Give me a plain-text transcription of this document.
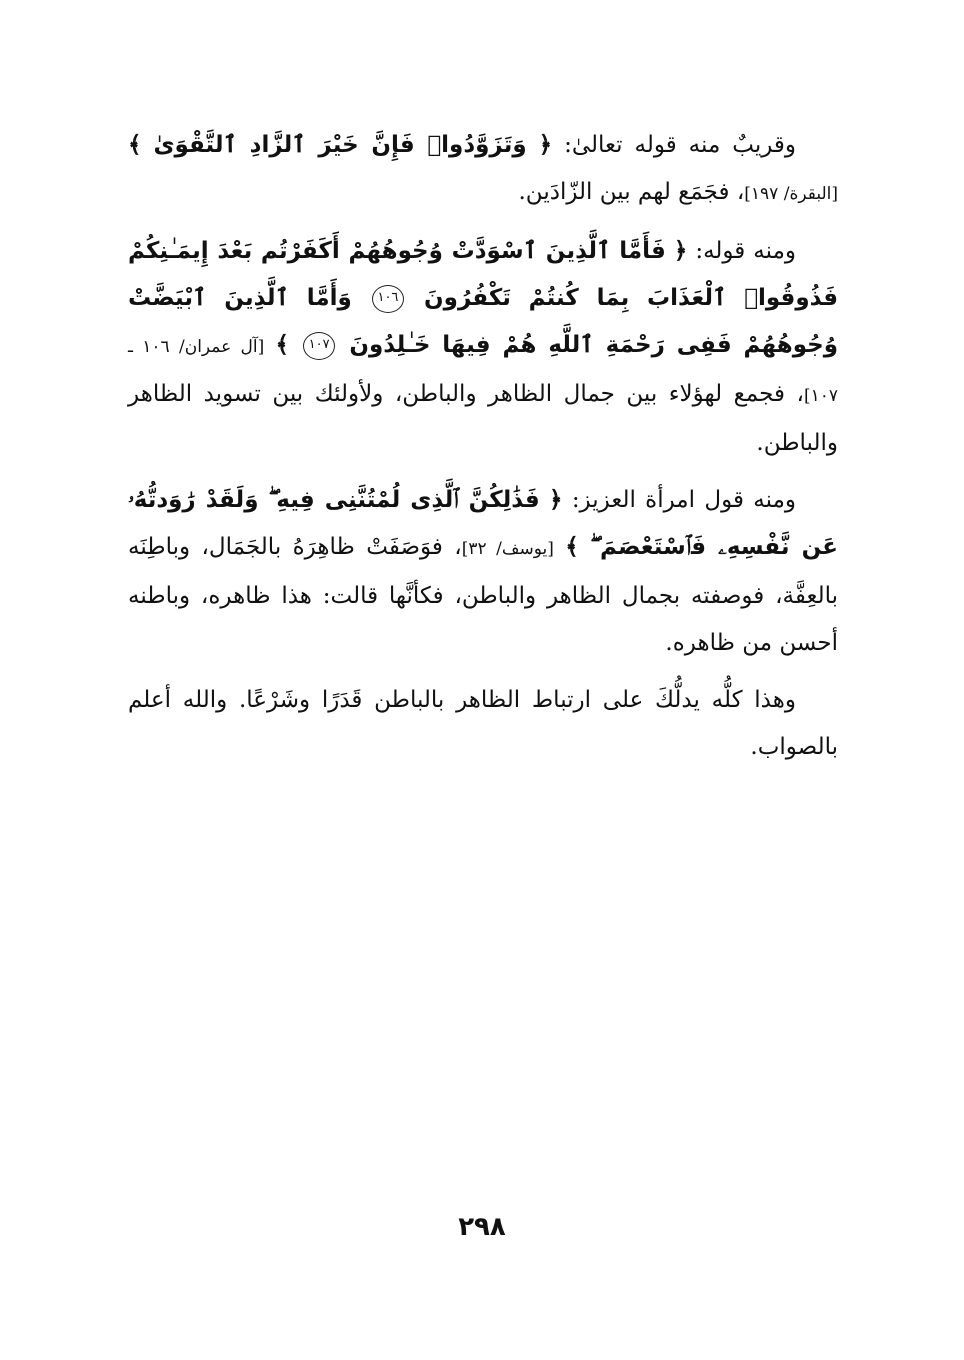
وقريبٌ منه قوله تعالىٰ: ﴿ وَتَزَوَّدُوا۟ فَإِنَّ خَيْرَ ٱلزَّادِ ٱلتَّقْوَىٰ ﴾ [البقرة/ ١٩٧]، فجَمَع لهم بين الزّادَين.

ومنه قوله: ﴿ فَأَمَّا ٱلَّذِينَ ٱسْوَدَّتْ وُجُوهُهُمْ أَكَفَرْتُم بَعْدَ إِيمَـٰنِكُمْ فَذُوقُوا۟ ٱلْعَذَابَ بِمَا كُنتُمْ تَكْفُرُونَ ١٠٦ وَأَمَّا ٱلَّذِينَ ٱبْيَضَّتْ وُجُوهُهُمْ فَفِى رَحْمَةِ ٱللَّهِ هُمْ فِيهَا خَـٰلِدُونَ ١٠٧ ﴾ [آل عمران/ ١٠٦ ـ ١٠٧]، فجمع لهؤلاء بين جمال الظاهر والباطن، ولأولئك بين تسويد الظاهر والباطن.

ومنه قول امرأة العزيز: ﴿ فَذَٰلِكُنَّ ٱلَّذِى لُمْتُنَّنِى فِيهِ ۖ وَلَقَدْ رَٰوَدتُّهُۥ عَن نَّفْسِهِۦ فَٱسْتَعْصَمَ ۖ ﴾ [يوسف/ ٣٢]، فوَصَفَتْ ظاهِرَهُ بالجَمَال، وباطِنَه بالعِفَّة، فوصفته بجمال الظاهر والباطن، فكأنَّها قالت: هذا ظاهره، وباطنه أحسن من ظاهره.

وهذا كلُّه يدلُّكَ على ارتباط الظاهر بالباطن قَدَرًا وشَرْعًا. والله أعلم بالصواب.

٢٩٨
